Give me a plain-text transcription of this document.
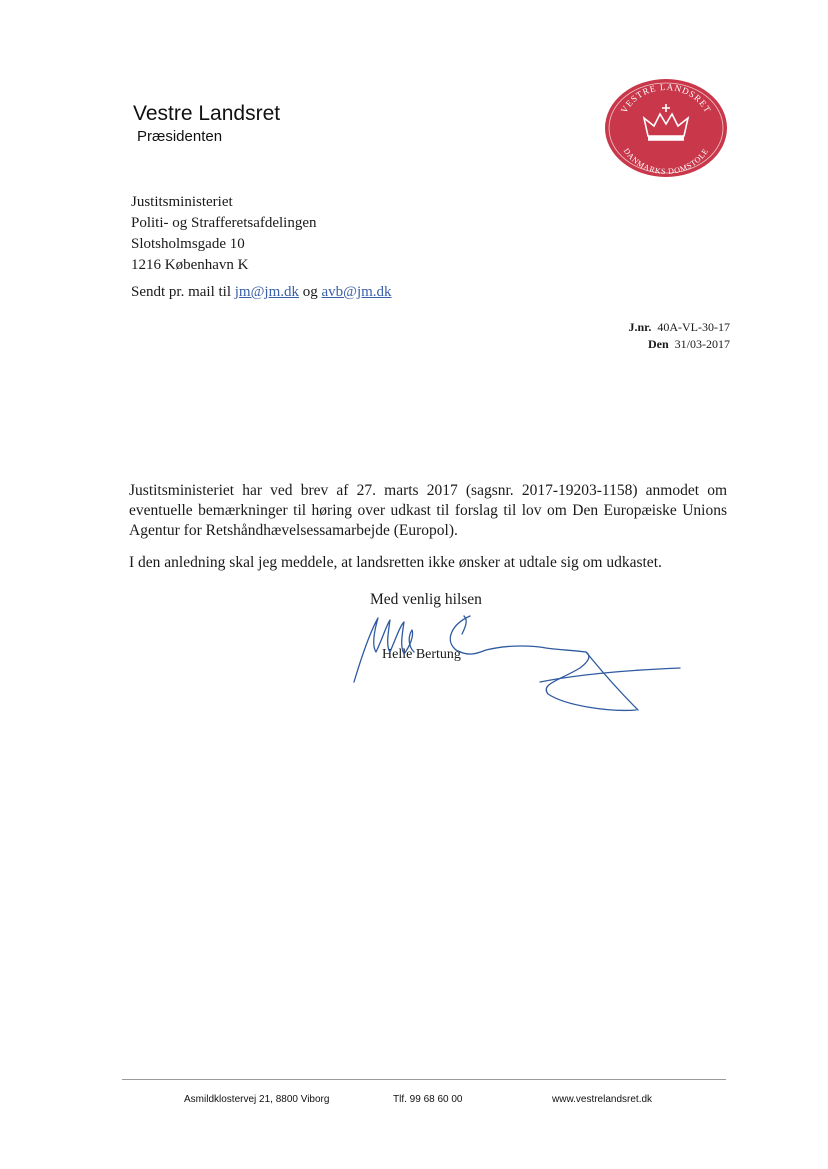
Vestre Landsret
Præsidenten
VESTRE LANDSRET
DANMARKS DOMSTOLE
Justitsministeriet
Politi- og Strafferetsafdelingen
Slotsholmsgade 10
1216 København K
Sendt pr. mail til jm@jm.dk og avb@jm.dk
J.nr. 40A-VL-30-17
Den 31/03-2017
Justitsministeriet har ved brev af 27. marts 2017 (sagsnr. 2017-19203-1158) anmodet om eventuelle bemærkninger til høring over udkast til forslag til lov om Den Europæiske Unions Agentur for Retshåndhævelsessamarbejde (Europol).
I den anledning skal jeg meddele, at landsretten ikke ønsker at udtale sig om udkastet.
Med venlig hilsen
Helle Bertung
Asmildklostervej 21, 8800 Viborg	Tlf. 99 68 60 00	www.vestrelandsret.dk
